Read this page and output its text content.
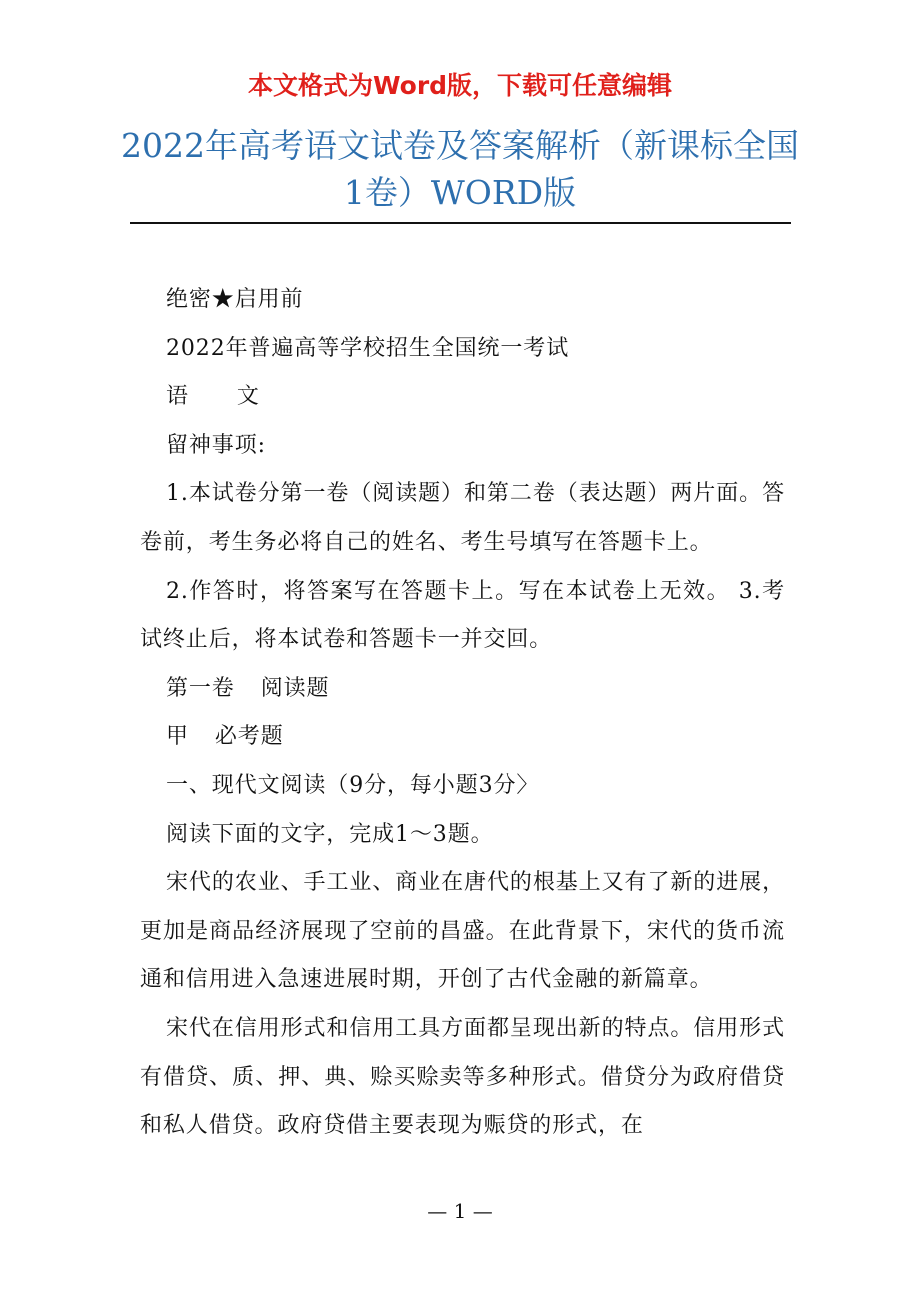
本文格式为Word版，下载可任意编辑
2022年高考语文试卷及答案解析（新课标全国1卷）WORD版

绝密★启用前

2022年普遍高等学校招生全国统一考试

语 文

留神事项:

1.本试卷分第一卷（阅读题）和第二卷（表达题）两片面。答卷前，考生务必将自己的姓名、考生号填写在答题卡上。

2.作答时，将答案写在答题卡上。写在本试卷上无效。 3.考试终止后，将本试卷和答题卡一并交回。

第一卷 阅读题

甲 必考题

一、现代文阅读（9分，每小题3分〉

阅读下面的文字，完成1～3题。

宋代的农业、手工业、商业在唐代的根基上又有了新的进展，更加是商品经济展现了空前的昌盛。在此背景下，宋代的货币流通和信用进入急速进展时期，开创了古代金融的新篇章。

宋代在信用形式和信用工具方面都呈现出新的特点。信用形式有借贷、质、押、典、赊买赊卖等多种形式。借贷分为政府借贷和私人借贷。政府贷借主要表现为赈贷的形式，在

— 1 —
